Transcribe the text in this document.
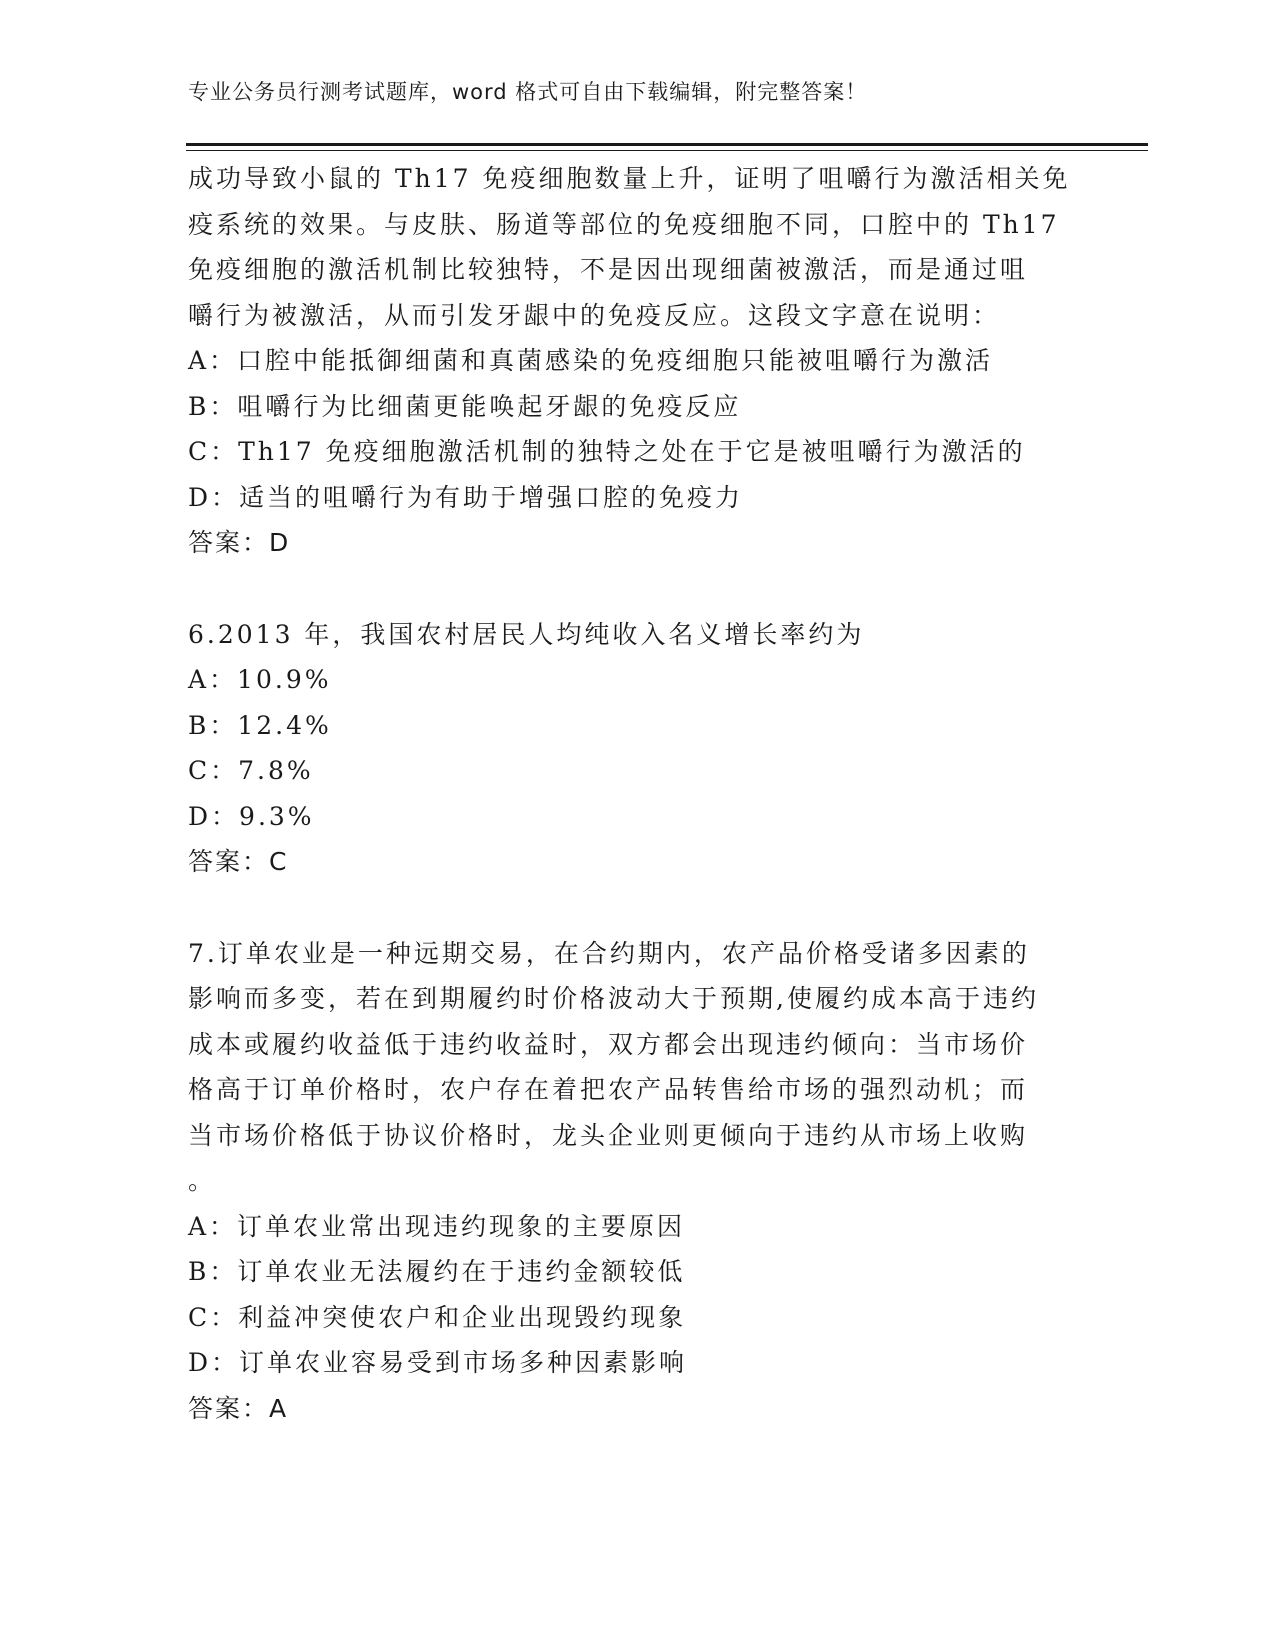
专业公务员行测考试题库，word 格式可自由下载编辑，附完整答案！
成功导致小鼠的 Th17 免疫细胞数量上升，证明了咀嚼行为激活相关免
疫系统的效果。与皮肤、肠道等部位的免疫细胞不同，口腔中的 Th17
免疫细胞的激活机制比较独特，不是因出现细菌被激活，而是通过咀
嚼行为被激活，从而引发牙龈中的免疫反应。这段文字意在说明：
A：口腔中能抵御细菌和真菌感染的免疫细胞只能被咀嚼行为激活
B：咀嚼行为比细菌更能唤起牙龈的免疫反应
C：Th17 免疫细胞激活机制的独特之处在于它是被咀嚼行为激活的
D：适当的咀嚼行为有助于增强口腔的免疫力
答案：D
6.2013 年，我国农村居民人均纯收入名义增长率约为
A：10.9%
B：12.4%
C：7.8%
D：9.3%
答案：C
7.订单农业是一种远期交易，在合约期内，农产品价格受诸多因素的
影响而多变，若在到期履约时价格波动大于预期,使履约成本高于违约
成本或履约收益低于违约收益时，双方都会出现违约倾向：当市场价
格高于订单价格时，农户存在着把农产品转售给市场的强烈动机；而
当市场价格低于协议价格时，龙头企业则更倾向于违约从市场上收购
。
A：订单农业常出现违约现象的主要原因
B：订单农业无法履约在于违约金额较低
C：利益冲突使农户和企业出现毁约现象
D：订单农业容易受到市场多种因素影响
答案：A
